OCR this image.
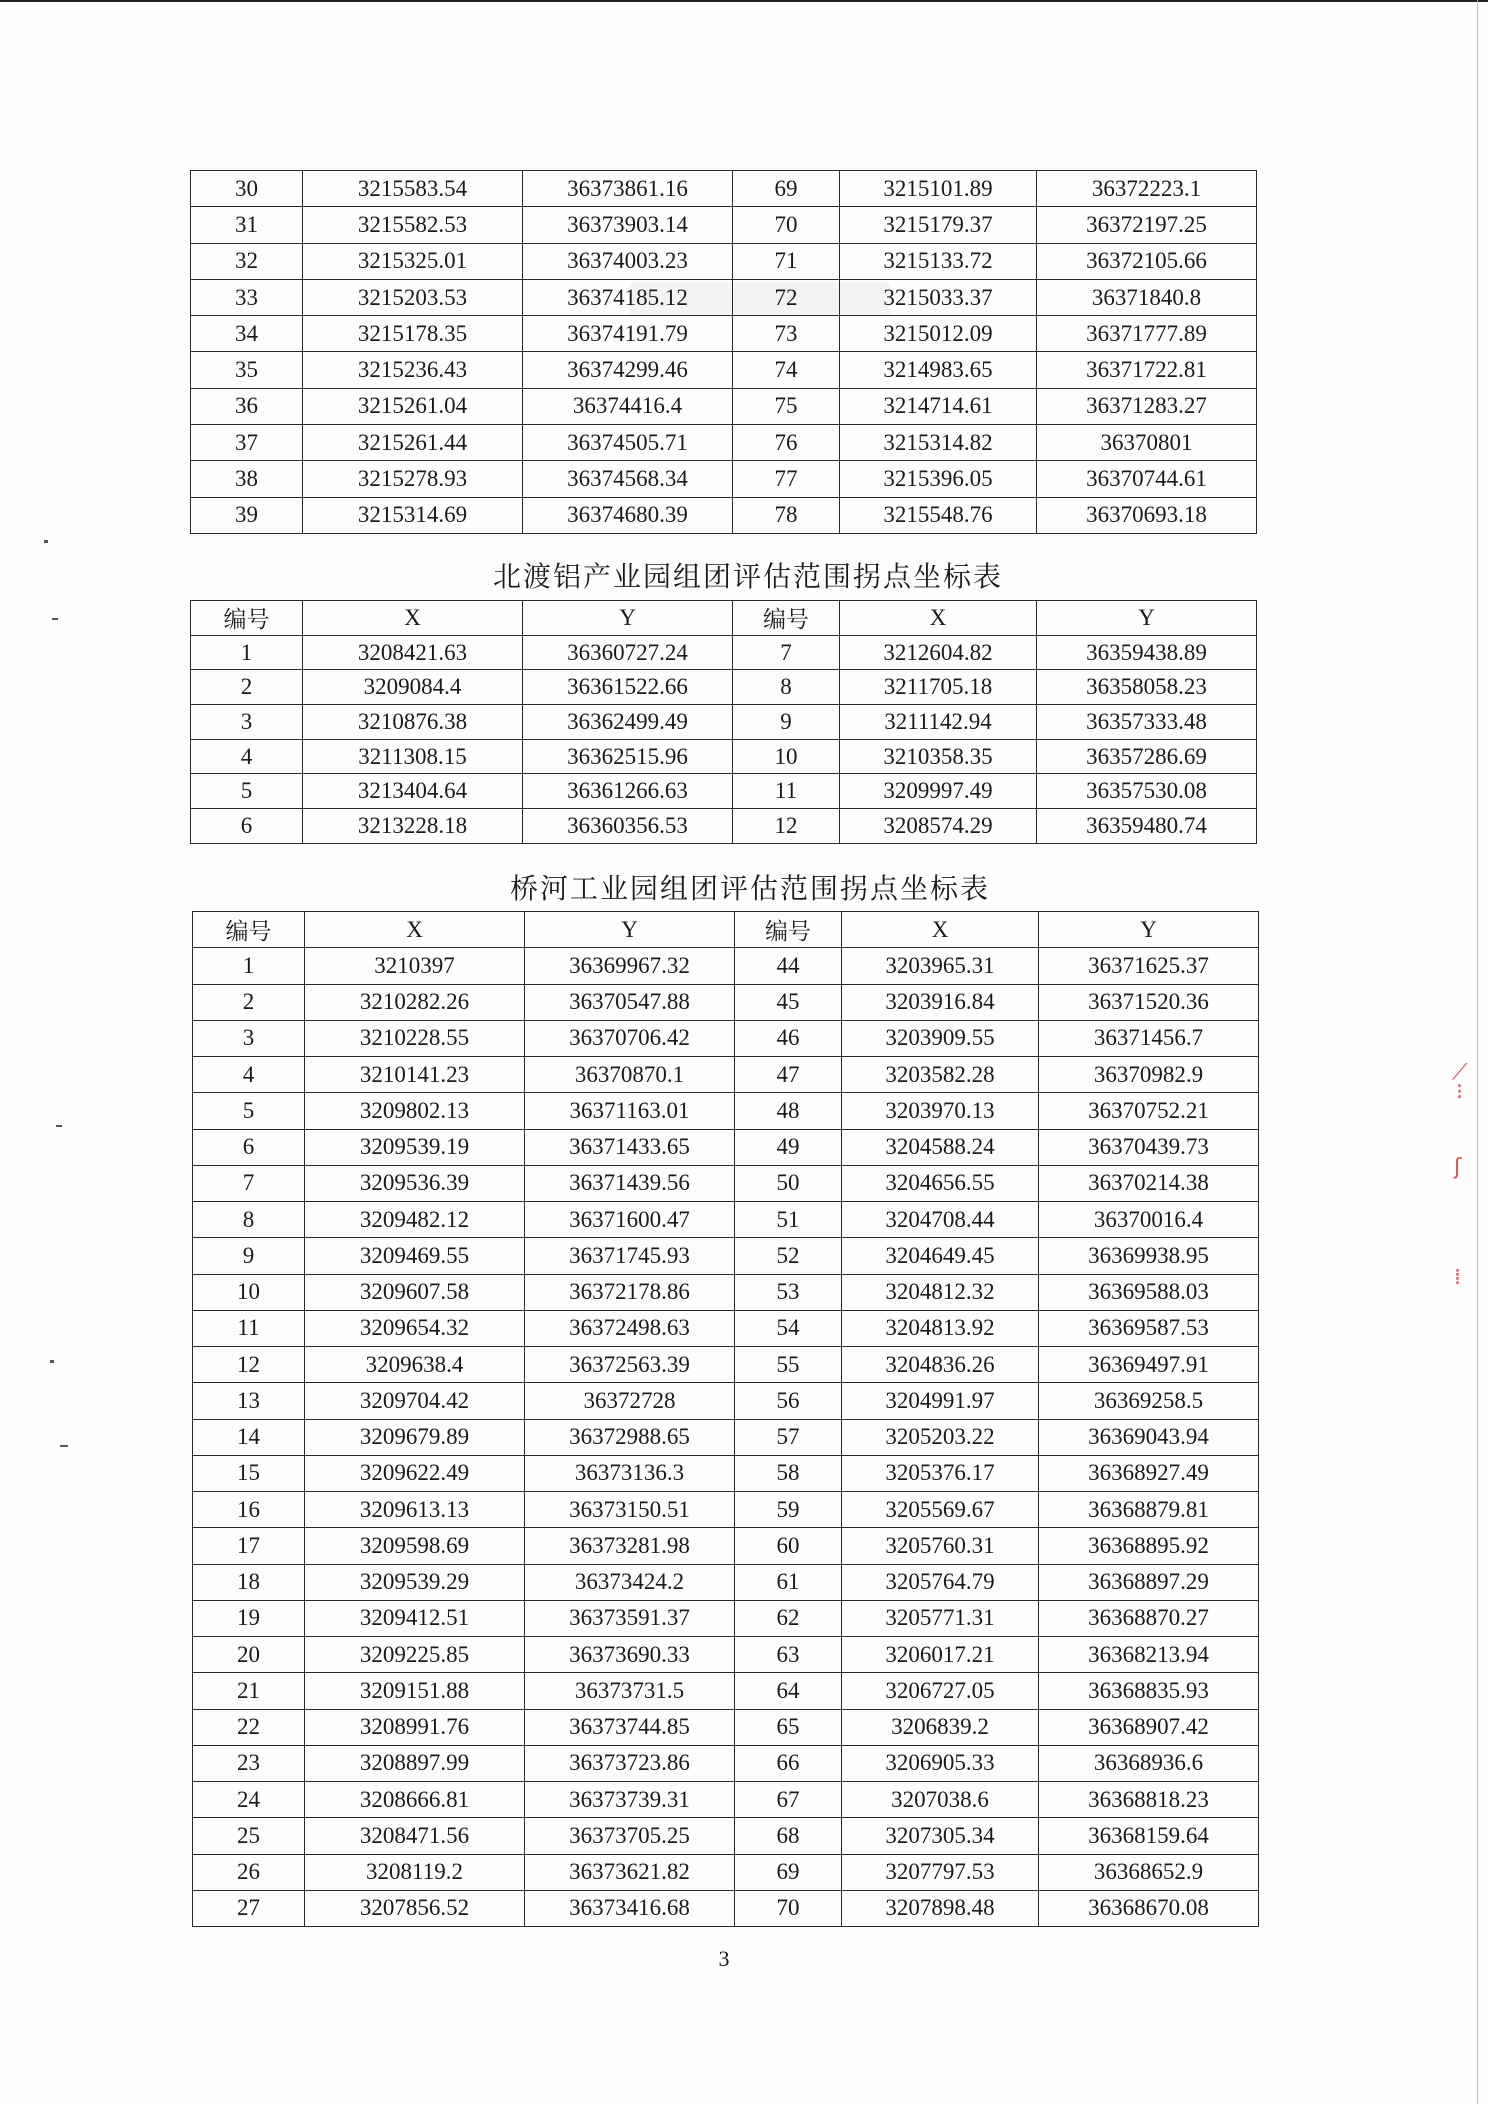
30	3215583.54	36373861.16	69	3215101.89	36372223.1
31	3215582.53	36373903.14	70	3215179.37	36372197.25
32	3215325.01	36374003.23	71	3215133.72	36372105.66
33	3215203.53	36374185.12	72	3215033.37	36371840.8
34	3215178.35	36374191.79	73	3215012.09	36371777.89
35	3215236.43	36374299.46	74	3214983.65	36371722.81
36	3215261.04	36374416.4	75	3214714.61	36371283.27
37	3215261.44	36374505.71	76	3215314.82	36370801
38	3215278.93	36374568.34	77	3215396.05	36370744.61
39	3215314.69	36374680.39	78	3215548.76	36370693.18
北渡铝产业园组团评估范围拐点坐标表
编号	X	Y	编号	X	Y
1	3208421.63	36360727.24	7	3212604.82	36359438.89
2	3209084.4	36361522.66	8	3211705.18	36358058.23
3	3210876.38	36362499.49	9	3211142.94	36357333.48
4	3211308.15	36362515.96	10	3210358.35	36357286.69
5	3213404.64	36361266.63	11	3209997.49	36357530.08
6	3213228.18	36360356.53	12	3208574.29	36359480.74
桥河工业园组团评估范围拐点坐标表
编号	X	Y	编号	X	Y
1	3210397	36369967.32	44	3203965.31	36371625.37
2	3210282.26	36370547.88	45	3203916.84	36371520.36
3	3210228.55	36370706.42	46	3203909.55	36371456.7
4	3210141.23	36370870.1	47	3203582.28	36370982.9
5	3209802.13	36371163.01	48	3203970.13	36370752.21
6	3209539.19	36371433.65	49	3204588.24	36370439.73
7	3209536.39	36371439.56	50	3204656.55	36370214.38
8	3209482.12	36371600.47	51	3204708.44	36370016.4
9	3209469.55	36371745.93	52	3204649.45	36369938.95
10	3209607.58	36372178.86	53	3204812.32	36369588.03
11	3209654.32	36372498.63	54	3204813.92	36369587.53
12	3209638.4	36372563.39	55	3204836.26	36369497.91
13	3209704.42	36372728	56	3204991.97	36369258.5
14	3209679.89	36372988.65	57	3205203.22	36369043.94
15	3209622.49	36373136.3	58	3205376.17	36368927.49
16	3209613.13	36373150.51	59	3205569.67	36368879.81
17	3209598.69	36373281.98	60	3205760.31	36368895.92
18	3209539.29	36373424.2	61	3205764.79	36368897.29
19	3209412.51	36373591.37	62	3205771.31	36368870.27
20	3209225.85	36373690.33	63	3206017.21	36368213.94
21	3209151.88	36373731.5	64	3206727.05	36368835.93
22	3208991.76	36373744.85	65	3206839.2	36368907.42
23	3208897.99	36373723.86	66	3206905.33	36368936.6
24	3208666.81	36373739.31	67	3207038.6	36368818.23
25	3208471.56	36373705.25	68	3207305.34	36368159.64
26	3208119.2	36373621.82	69	3207797.53	36368652.9
27	3207856.52	36373416.68	70	3207898.48	36368670.08
3
⟋
⁝
ʃ
⁞
